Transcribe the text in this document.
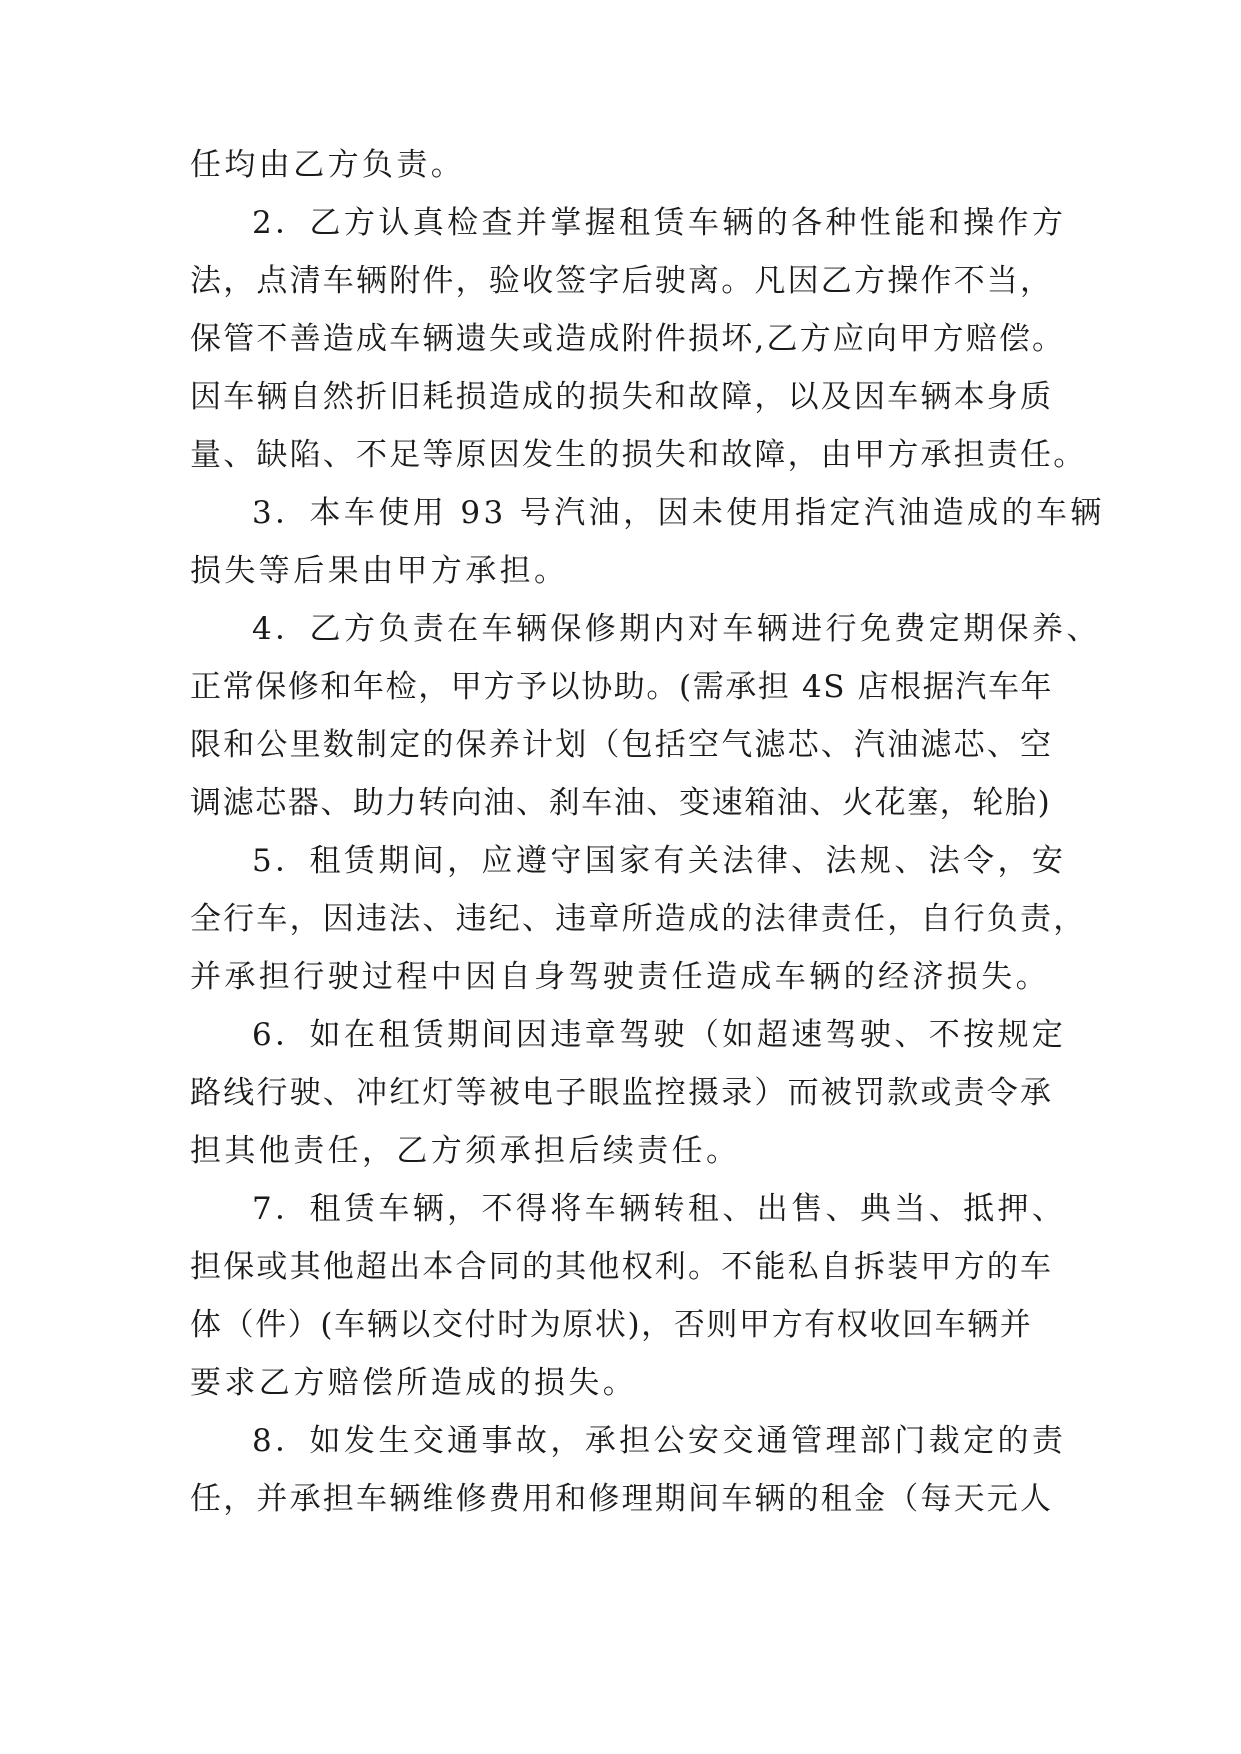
任均由乙方负责。
2．乙方认真检查并掌握租赁车辆的各种性能和操作方
法，点清车辆附件，验收签字后驶离。凡因乙方操作不当，
保管不善造成车辆遗失或造成附件损坏,乙方应向甲方赔偿。
因车辆自然折旧耗损造成的损失和故障，以及因车辆本身质
量、缺陷、不足等原因发生的损失和故障，由甲方承担责任。
3．本车使用 93 号汽油，因未使用指定汽油造成的车辆
损失等后果由甲方承担。
4．乙方负责在车辆保修期内对车辆进行免费定期保养、
正常保修和年检，甲方予以协助。(需承担 4S 店根据汽车年
限和公里数制定的保养计划（包括空气滤芯、汽油滤芯、空
调滤芯器、助力转向油、刹车油、变速箱油、火花塞，轮胎)
5．租赁期间，应遵守国家有关法律、法规、法令，安
全行车，因违法、违纪、违章所造成的法律责任，自行负责，
并承担行驶过程中因自身驾驶责任造成车辆的经济损失。
6．如在租赁期间因违章驾驶（如超速驾驶、不按规定
路线行驶、冲红灯等被电子眼监控摄录）而被罚款或责令承
担其他责任，乙方须承担后续责任。
7．租赁车辆，不得将车辆转租、出售、典当、抵押、
担保或其他超出本合同的其他权利。不能私自拆装甲方的车
体（件）(车辆以交付时为原状)，否则甲方有权收回车辆并
要求乙方赔偿所造成的损失。
8．如发生交通事故，承担公安交通管理部门裁定的责
任，并承担车辆维修费用和修理期间车辆的租金（每天元人
